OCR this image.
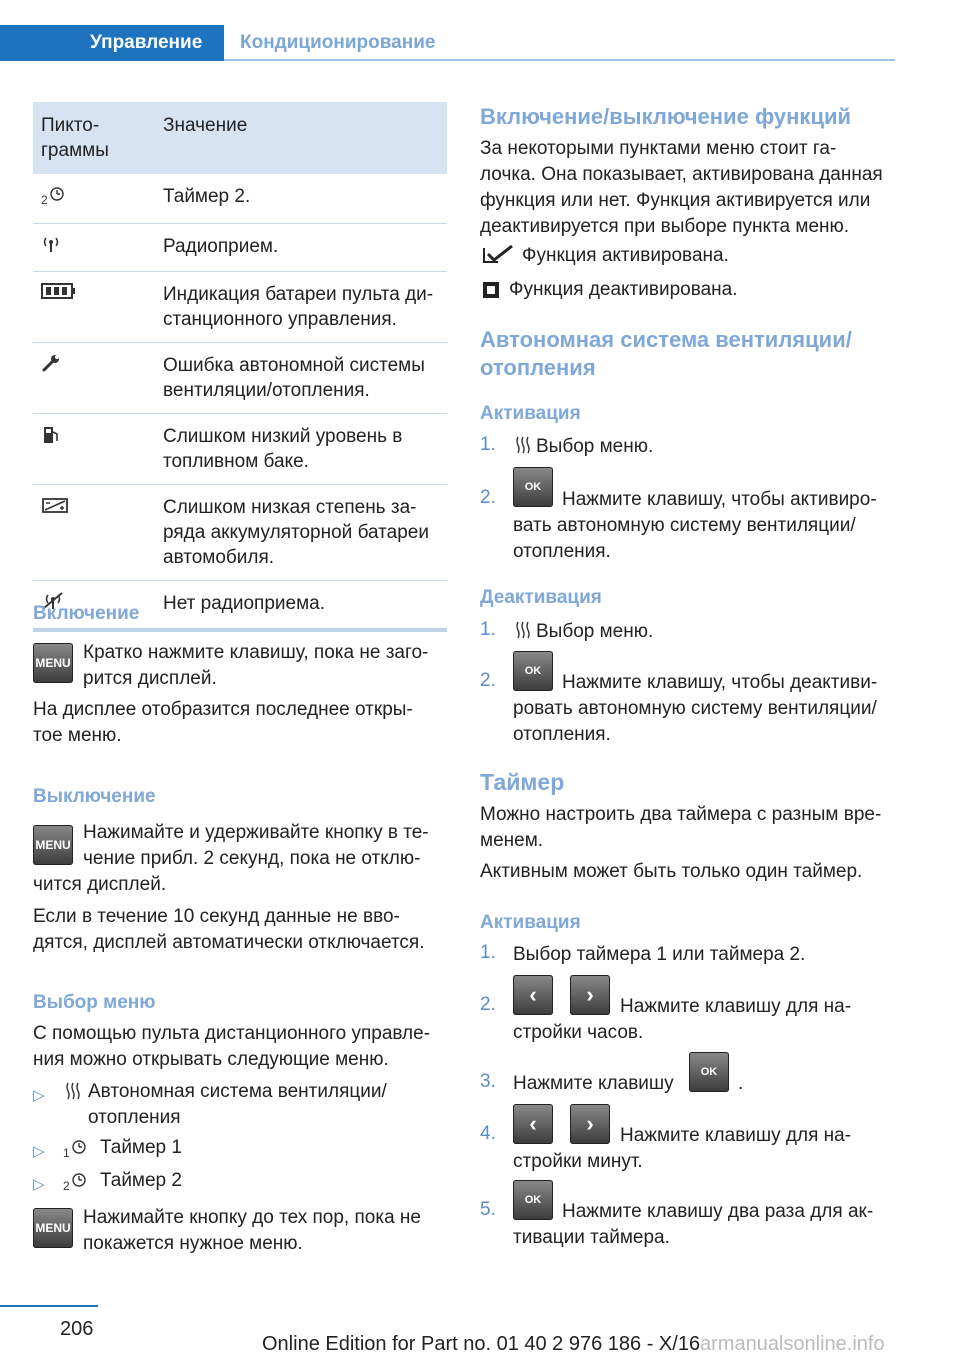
Управление	Кондиционирование
Пикто-
граммы	Значение

2	Таймер 2.
	Радиоприем.
	Индикация батареи пульта ди-
станционного управления.
	Ошибка автономной системы
вентиляции/отопления.
	Слишком низкий уровень в
топливном баке.
	Слишком низкая степень за-
ряда аккумуляторной батареи
автомобиля.
	Нет радиоприема.
Включение
MENU Кратко нажмите клавишу, пока не заго-
рится дисплей.
На дисплее отобразится последнее откры-
тое меню.
Выключение
MENU
Нажимайте и удерживайте кнопку в те-
чение прибл. 2 секунд, пока не отклю-
чится дисплей.
Если в течение 10 секунд данные не вво-
дятся, дисплей автоматически отключается.
Выбор меню
С помощью пульта дистанционного управле-
ния можно открывать следующие меню.
▷ Автономная система вентиляции/
отопления
▷ 1 Таймер 1
▷ 2 Таймер 2
MENU Нажимайте кнопку до тех пор, пока не
покажется нужное меню.
Включение/выключение функций
За некоторыми пунктами меню стоит га-
лочка. Она показывает, активирована данная
функция или нет. Функция активируется или
деактивируется при выборе пункта меню.
Функция активирована.
Функция деактивирована.
Автономная система вентиляции/
отопления
Активация
1. Выбор меню.
2.	OK
Нажмите клавишу, чтобы активиро-
вать автономную систему вентиляции/
отопления.
Деактивация
1. Выбор меню.
2.	OK
Нажмите клавишу, чтобы деактиви-
ровать автономную систему вентиляции/
отопления.
Таймер
Можно настроить два таймера с разным вре-
менем.
Активным может быть только один таймер.
Активация
1. Выбор таймера 1 или таймера 2.
2.	‹	›	Нажмите клавишу для на-
стройки часов.
3. Нажмите клавишу
OK
.
4.	‹	›	Нажмите клавишу для на-
стройки минут.
5.	OK
Нажмите клавишу два раза для ак-
тивации таймера.
206
Online Edition for Part no. 01 40 2 976 186 - X/16 armanualsonline.info
